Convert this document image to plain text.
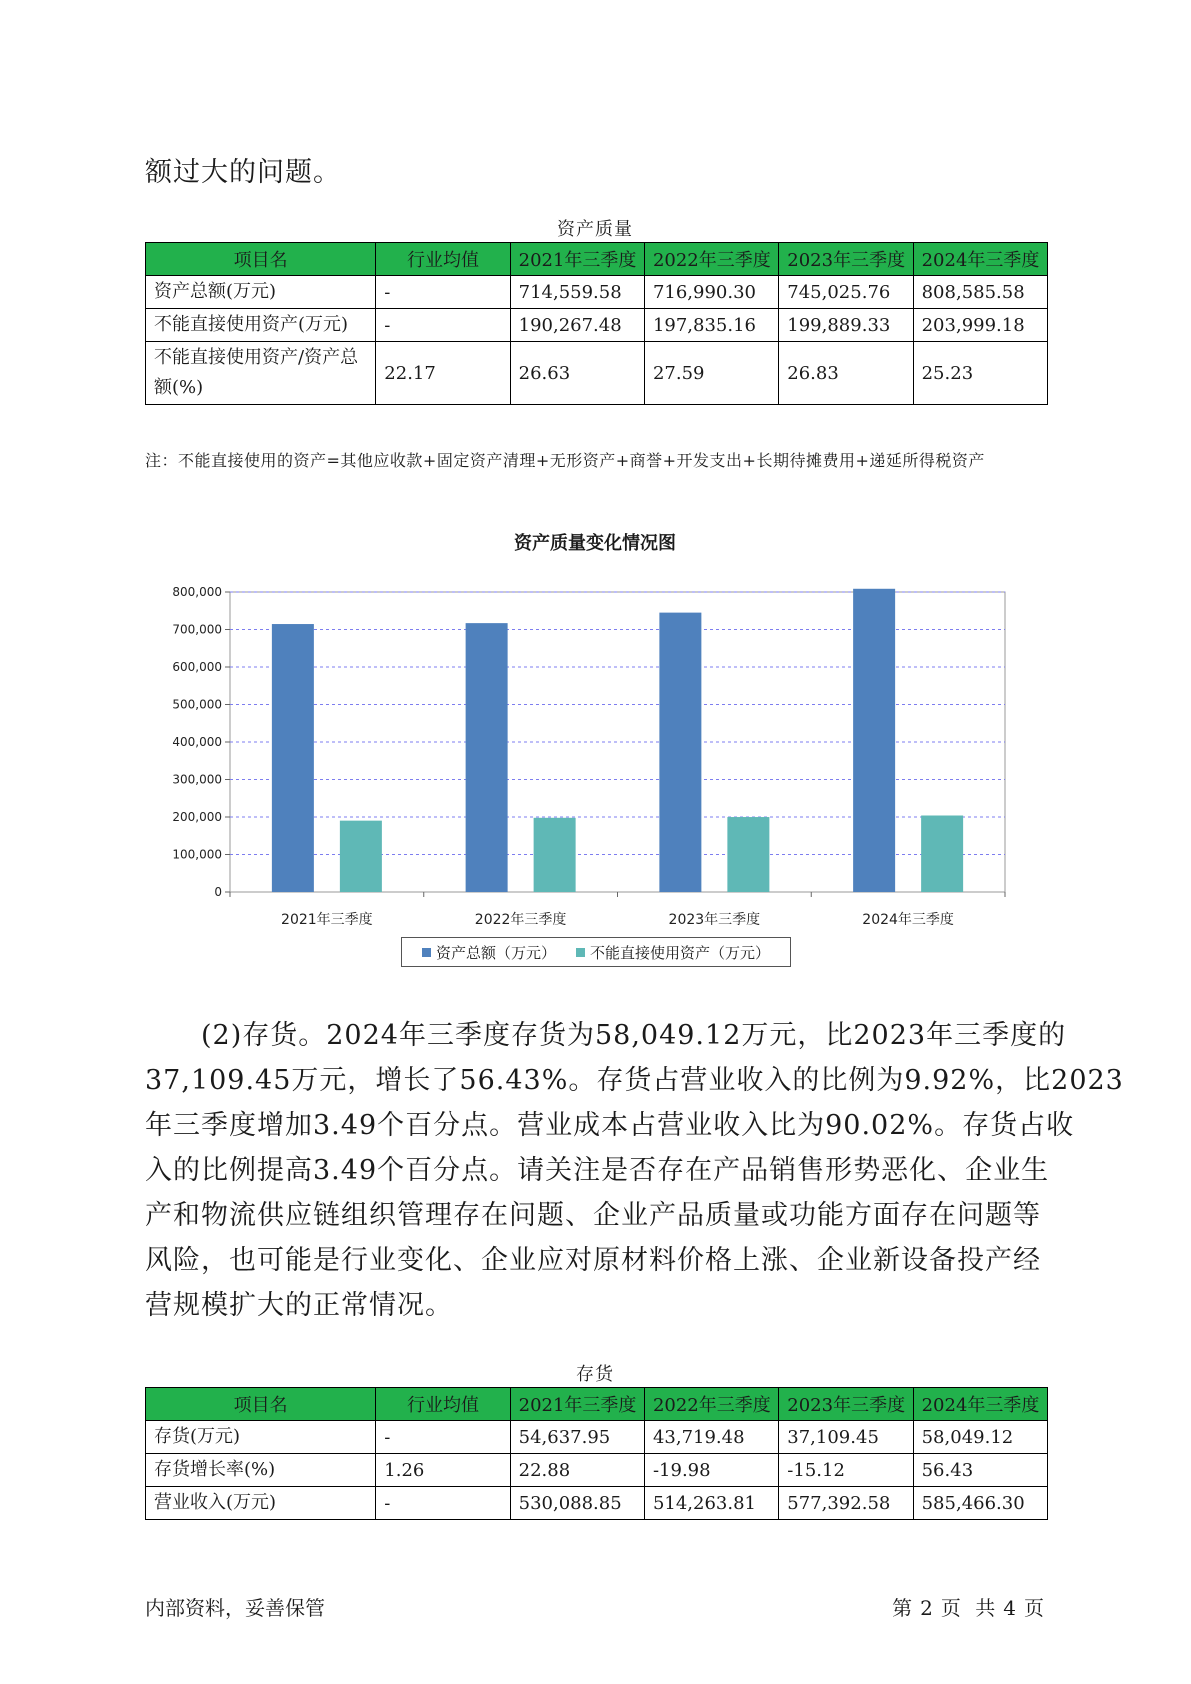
额过大的问题。

资产质量
项目名	行业均值	2021年三季度	2022年三季度	2023年三季度	2024年三季度
资产总额(万元)	-	714,559.58	716,990.30	745,025.76	808,585.58
不能直接使用资产(万元)	-	190,267.48	197,835.16	199,889.33	203,999.18
不能直接使用资产/资产总额(%)	22.17	26.63	27.59	26.83	25.23
注：不能直接使用的资产=其他应收款+固定资产清理+无形资产+商誉+开发支出+长期待摊费用+递延所得税资产
资产质量变化情况图
0
100,000
200,000
300,000
400,000
500,000
600,000
700,000
800,000
2021年三季度	2022年三季度	2023年三季度	2024年三季度
资产总额（万元） 不能直接使用资产（万元）
　　(2)存货。2024年三季度存货为58,049.12万元，比2023年三季度的
37,109.45万元，增长了56.43%。存货占营业收入的比例为9.92%，比2023
年三季度增加3.49个百分点。营业成本占营业收入比为90.02%。存货占收
入的比例提高3.49个百分点。请关注是否存在产品销售形势恶化、企业生
产和物流供应链组织管理存在问题、企业产品质量或功能方面存在问题等
风险，也可能是行业变化、企业应对原材料价格上涨、企业新设备投产经
营规模扩大的正常情况。
存货
项目名	行业均值	2021年三季度	2022年三季度	2023年三季度	2024年三季度
存货(万元)	-	54,637.95	43,719.48	37,109.45	58,049.12
存货增长率(%)	1.26	22.88	-19.98	-15.12	56.43
营业收入(万元)	-	530,088.85	514,263.81	577,392.58	585,466.30
内部资料，妥善保管	第 2 页 共 4 页
